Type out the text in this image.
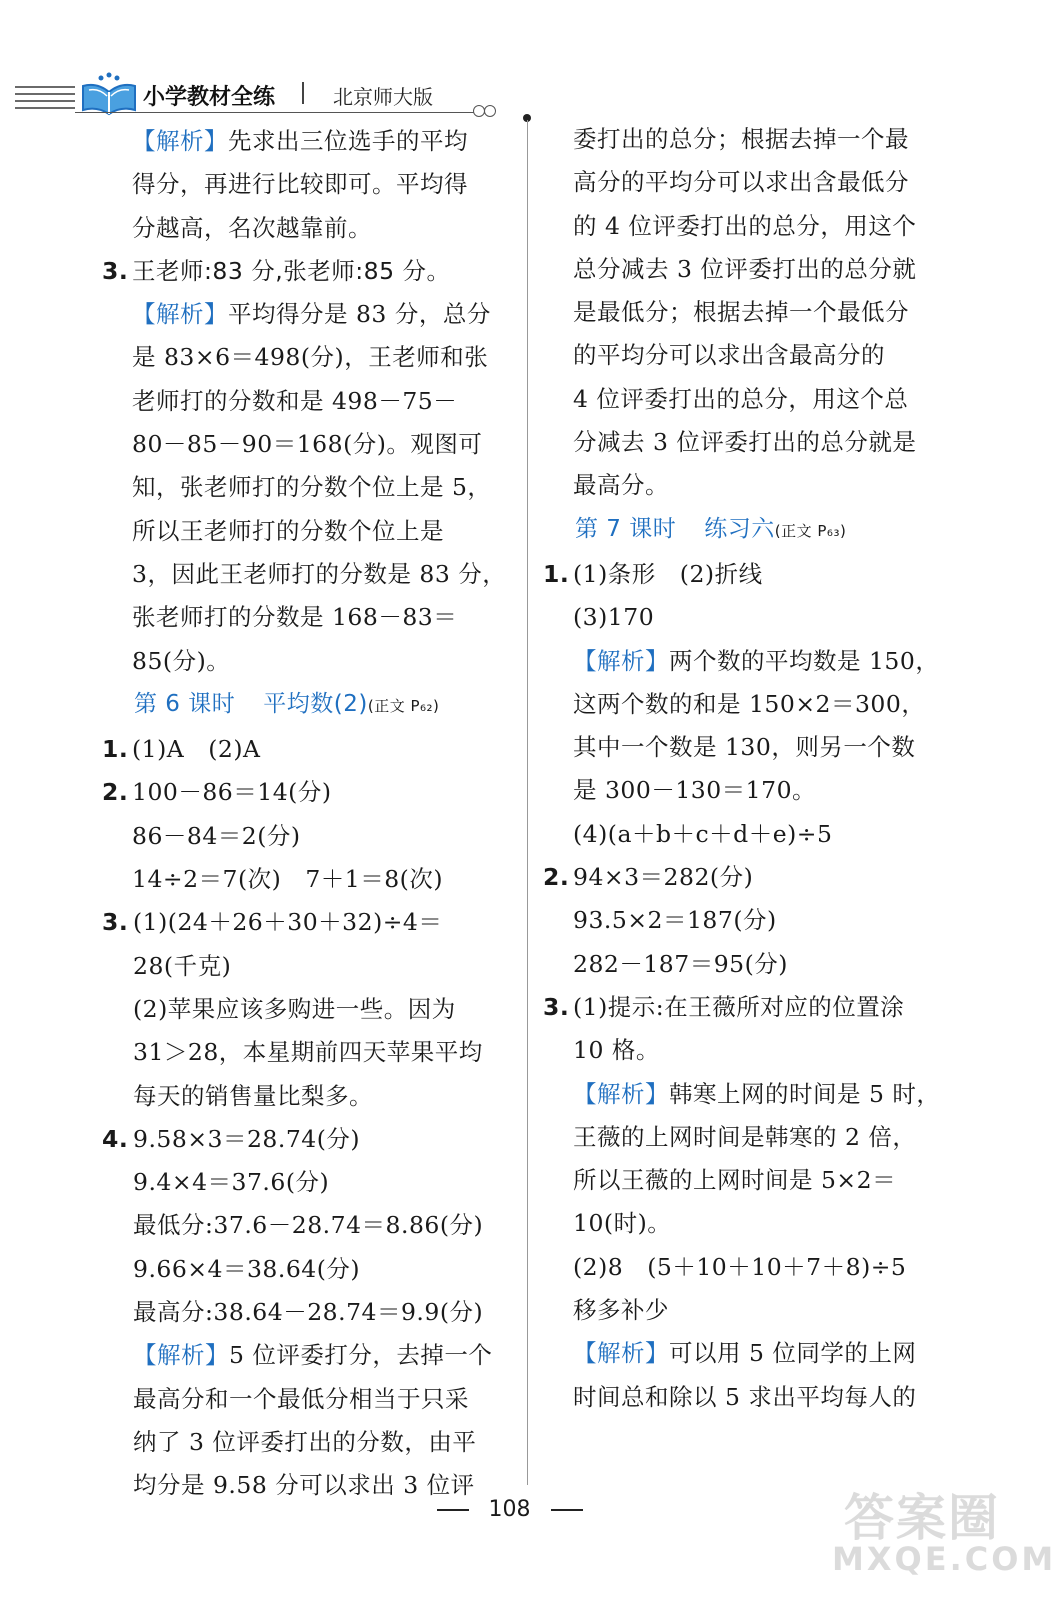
小学教材全练	北京师大版
【解析】先求出三位选手的平均
得分，再进行比较即可。平均得
分越高，名次越靠前。
3. 王老师:83 分,张老师:85 分。
【解析】平均得分是 83 分，总分
是 83×6＝498(分)，王老师和张
老师打的分数和是 498－75－
80－85－90＝168(分)。观图可
知，张老师打的分数个位上是 5，
所以王老师打的分数个位上是
3，因此王老师打的分数是 83 分，
张老师打的分数是 168－83＝
85(分)。
第 6 课时 平均数(2)(正文 P₆₂)
1. (1)A　(2)A
2. 100－86＝14(分)
86－84＝2(分)
14÷2＝7(次)　7＋1＝8(次)
3. (1)(24＋26＋30＋32)÷4＝
28(千克)
(2)苹果应该多购进一些。因为
31＞28，本星期前四天苹果平均
每天的销售量比梨多。
4. 9.58×3＝28.74(分)
9.4×4＝37.6(分)
最低分:37.6－28.74＝8.86(分)
9.66×4＝38.64(分)
最高分:38.64－28.74＝9.9(分)
【解析】5 位评委打分，去掉一个
最高分和一个最低分相当于只采
纳了 3 位评委打出的分数，由平
均分是 9.58 分可以求出 3 位评
委打出的总分；根据去掉一个最
高分的平均分可以求出含最低分
的 4 位评委打出的总分，用这个
总分减去 3 位评委打出的总分就
是最低分；根据去掉一个最低分
的平均分可以求出含最高分的
4 位评委打出的总分，用这个总
分减去 3 位评委打出的总分就是
最高分。
第 7 课时 练习六(正文 P₆₃)
1. (1)条形　(2)折线
(3)170
【解析】两个数的平均数是 150，
这两个数的和是 150×2＝300，
其中一个数是 130，则另一个数
是 300－130＝170。
(4)(a＋b＋c＋d＋e)÷5
2. 94×3＝282(分)
93.5×2＝187(分)
282－187＝95(分)
3. (1)提示:在王薇所对应的位置涂
10 格。
【解析】韩寒上网的时间是 5 时，
王薇的上网时间是韩寒的 2 倍，
所以王薇的上网时间是 5×2＝
10(时)。
(2)8　(5＋10＋10＋7＋8)÷5
移多补少
【解析】可以用 5 位同学的上网
时间总和除以 5 求出平均每人的
108	答案圈
MXQE.COM
